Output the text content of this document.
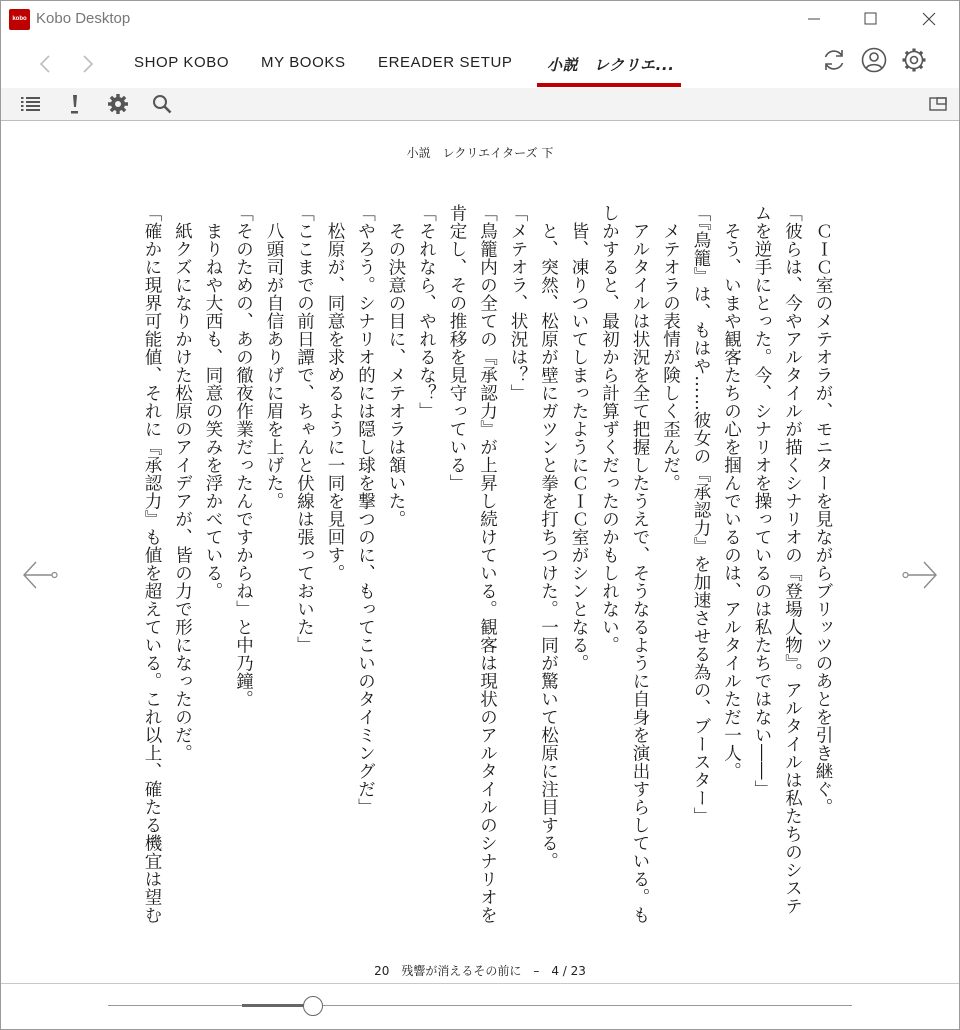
kobo Kobo Desktop
SHOP KOBO MY BOOKS EREADER SETUP 小説　レクリエ...
小説　レクリエイターズ 下

ＣＩＣ室のメテオラが、モニターを見ながらブリッツのあとを引き継ぐ。

「彼らは、今やアルタイルが描くシナリオの『登場人物』。アルタイルは私たちのシステムを逆手にとった。今、シナリオを操っているのは私たちではない――」

そう、いまや観客たちの心を掴んでいるのは、アルタイルただ一人。

「『鳥籠』は、もはや……彼女の『承認力』を加速させる為の、ブースター」

メテオラの表情が険しく歪んだ。

アルタイルは状況を全て把握したうえで、そうなるように自身を演出すらしている。もしかすると、最初から計算ずくだったのかもしれない。

皆、凍りついてしまったようにＣＩＣ室がシンとなる。

と、突然、松原が壁にガツンと拳を打ちつけた。一同が驚いて松原に注目する。

「メテオラ、状況は？」

「鳥籠内の全ての『承認力』が上昇し続けている。観客は現状のアルタイルのシナリオを肯定し、その推移を見守っている」

「それなら、やれるな？」

その決意の目に、メテオラは頷いた。

「やろう。シナリオ的には隠し球を撃つのに、もってこいのタイミングだ」

松原が、同意を求めるように一同を見回す。

「ここまでの前日譚で、ちゃんと伏線は張っておいた」

八頭司が自信ありげに眉を上げた。

「そのための、あの徹夜作業だったんですからね」と中乃鐘。

まりねや大西も、同意の笑みを浮かべている。

紙クズになりかけた松原のアイデアが、皆の力で形になったのだ。

「確かに現界可能値、それに『承認力』も値を超えている。これ以上、確たる機宜は望む

20　残響が消えるその前に　–　4 / 23
